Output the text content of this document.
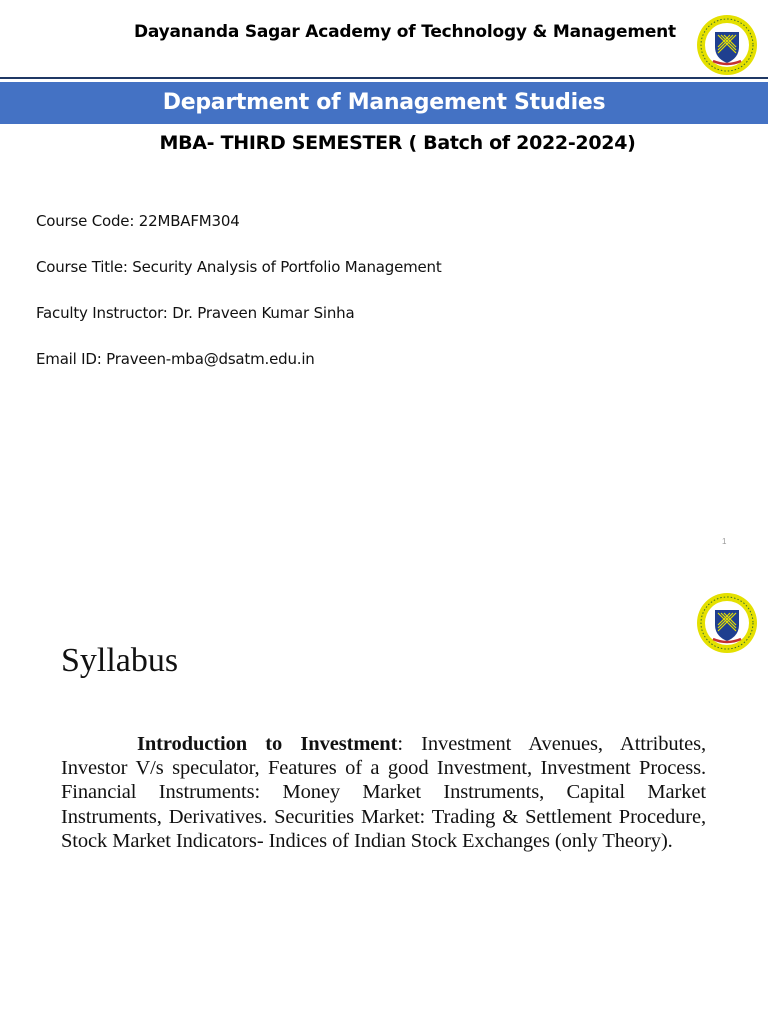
Dayananda Sagar Academy of Technology & Management
Department of Management Studies
MBA- THIRD SEMESTER ( Batch of 2022-2024)
Course Code: 22MBAFM304
Course Title: Security Analysis of Portfolio Management
Faculty Instructor: Dr. Praveen Kumar Sinha
Email ID: Praveen-mba@dsatm.edu.in
1
Syllabus
Introduction to Investment: Investment Avenues, Attributes, Investor V/s speculator, Features of a good Investment, Investment Process. Financial Instruments: Money Market Instruments, Capital Market Instruments, Derivatives. Securities Market: Trading & Settlement Procedure, Stock Market Indicators- Indices of Indian Stock Exchanges (only Theory).
